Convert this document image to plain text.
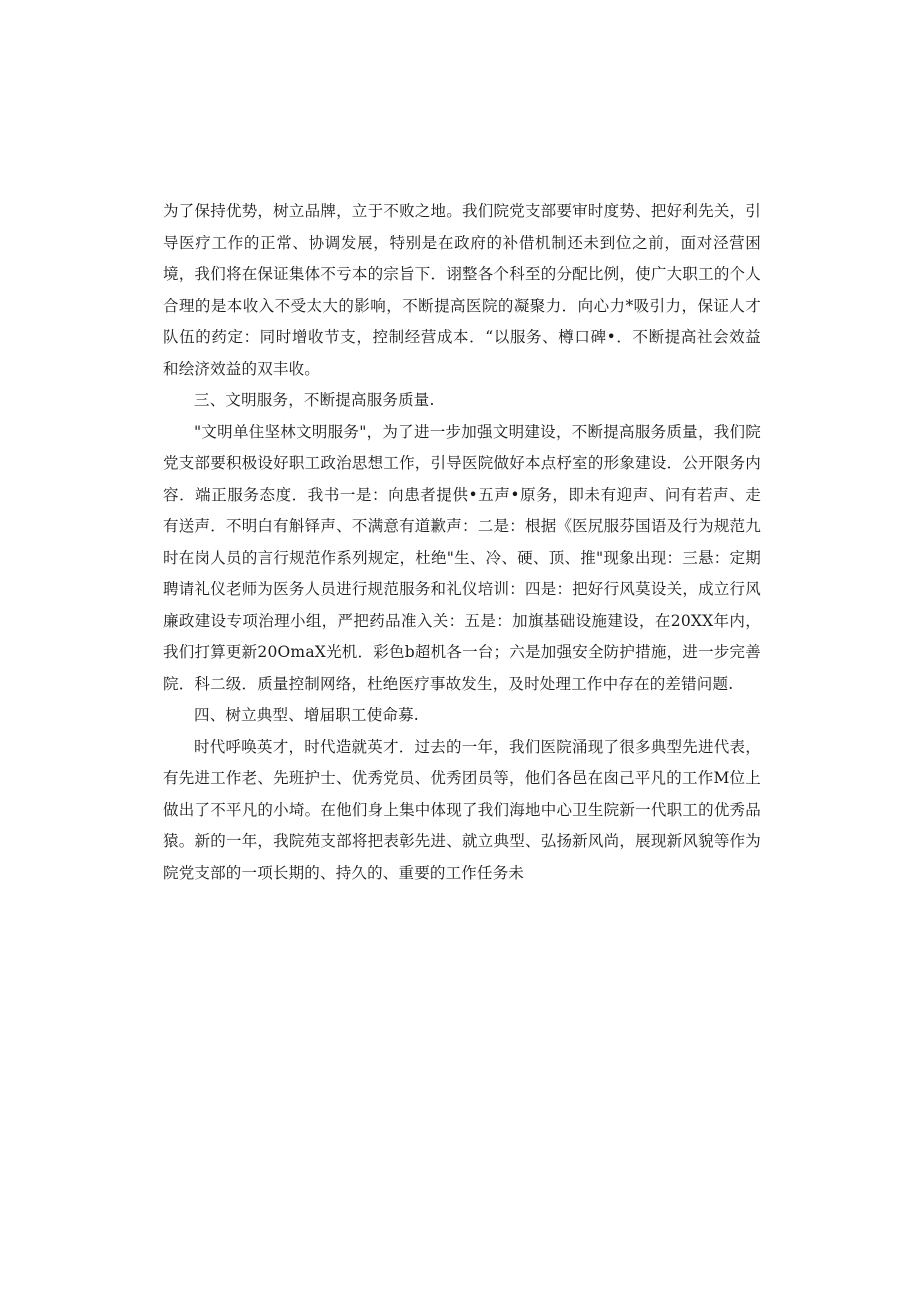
为了保持优势，树立品牌，立于不败之地。我们院党支部要审时度势、把好利先关，引导医疗工作的正常、协调发展，特别是在政府的补借机制还未到位之前，面对泾营困境，我们将在保证集体不亏本的宗旨下．诩整各个科至的分配比例，使广大职工的个人合理的是本收入不受太大的影响，不断提高医院的凝聚力．向心力*吸引力，保证人才队伍的药定：同时增收节支，控制经营成本．“以服务、樽口碑•．不断提高社会效益和绘济效益的双丰收。

三、文明服务，不断提高服务质量.

"文明单住坚林文明服务"，为了进一步加强文明建设，不断提高服务质量，我们院党支部要积极设好职工政治思想工作，引导医院做好本点杼室的形象建设．公开限务内容．端正服务态度．我书一是：向患者提供•五声•原务，即未有迎声、问有若声、走有送声．不明白有斛铎声、不满意有道歉声：二是：根据《医尻服芬国语及行为规范九时在岗人员的言行规范作系列规定，杜绝"生、冷、硬、顶、推"现象出现：三悬：定期聘请礼仪老师为医务人员进行规范服务和礼仪培训：四是：把好行风莫设关，成立行风廉政建设专项治理小组，严把药品准入关：五是：加旗基础设施建设，在20XX年内，我们打算更新20OmaX光机．彩色b超机各一台；六是加强安全防护措施，进一步完善院．科二级．质量控制网络，杜绝医疗事故发生，及时处理工作中存在的差错问题.

四、树立典型、增届职工使命募.

时代呼唤英才，时代造就英才．过去的一年，我们医院涌现了很多典型先进代表，有先进工作老、先班护士、优秀党员、优秀团员等，他们各邑在囱己平凡的工作M位上做出了不平凡的小埼。在他们身上集中体现了我们海地中心卫生院新一代职工的优秀品猿。新的一年，我院苑支部将把表彰先进、就立典型、弘扬新风尚，展现新风貌等作为院党支部的一项长期的、持久的、重要的工作任务未
